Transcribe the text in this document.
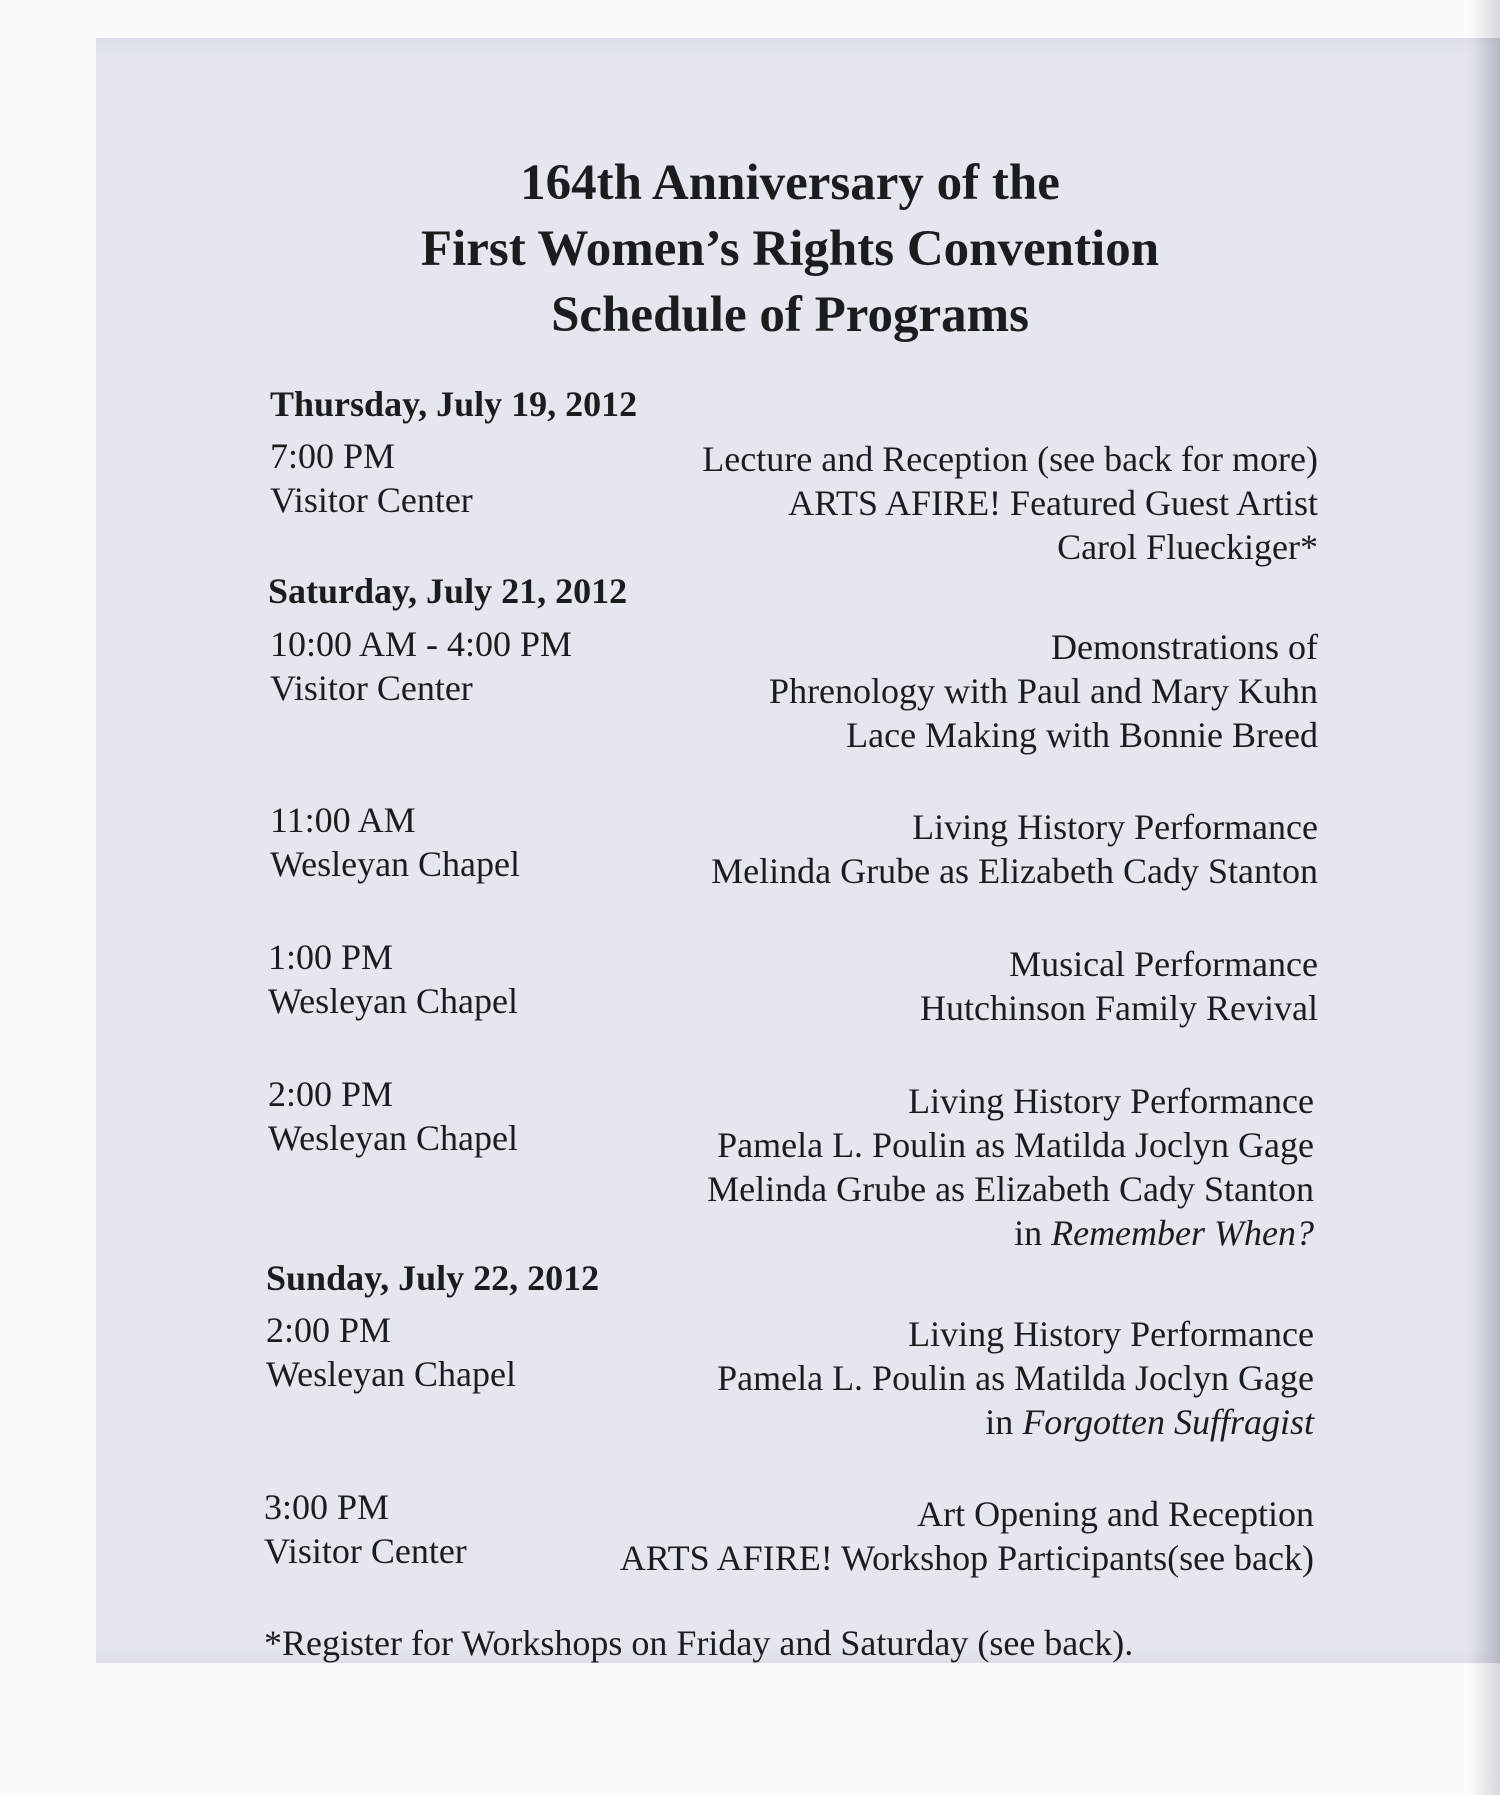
164th Anniversary of the
First Women’s Rights Convention
Schedule of Programs
Thursday, July 19, 2012
7:00 PM
Visitor Center
Lecture and Reception (see back for more)
ARTS AFIRE! Featured Guest Artist
Carol Flueckiger*
Saturday, July 21, 2012
10:00 AM - 4:00 PM
Visitor Center
Demonstrations of
Phrenology with Paul and Mary Kuhn
Lace Making with Bonnie Breed
11:00 AM
Wesleyan Chapel
Living History Performance
Melinda Grube as Elizabeth Cady Stanton
1:00 PM
Wesleyan Chapel
Musical Performance
Hutchinson Family Revival
2:00 PM
Wesleyan Chapel
Living History Performance
Pamela L. Poulin as Matilda Joclyn Gage
Melinda Grube as Elizabeth Cady Stanton
in Remember When?
Sunday, July 22, 2012
2:00 PM
Wesleyan Chapel
Living History Performance
Pamela L. Poulin as Matilda Joclyn Gage
in Forgotten Suffragist
3:00 PM
Visitor Center
Art Opening and Reception
ARTS AFIRE! Workshop Participants(see back)
*Register for Workshops on Friday and Saturday (see back).
